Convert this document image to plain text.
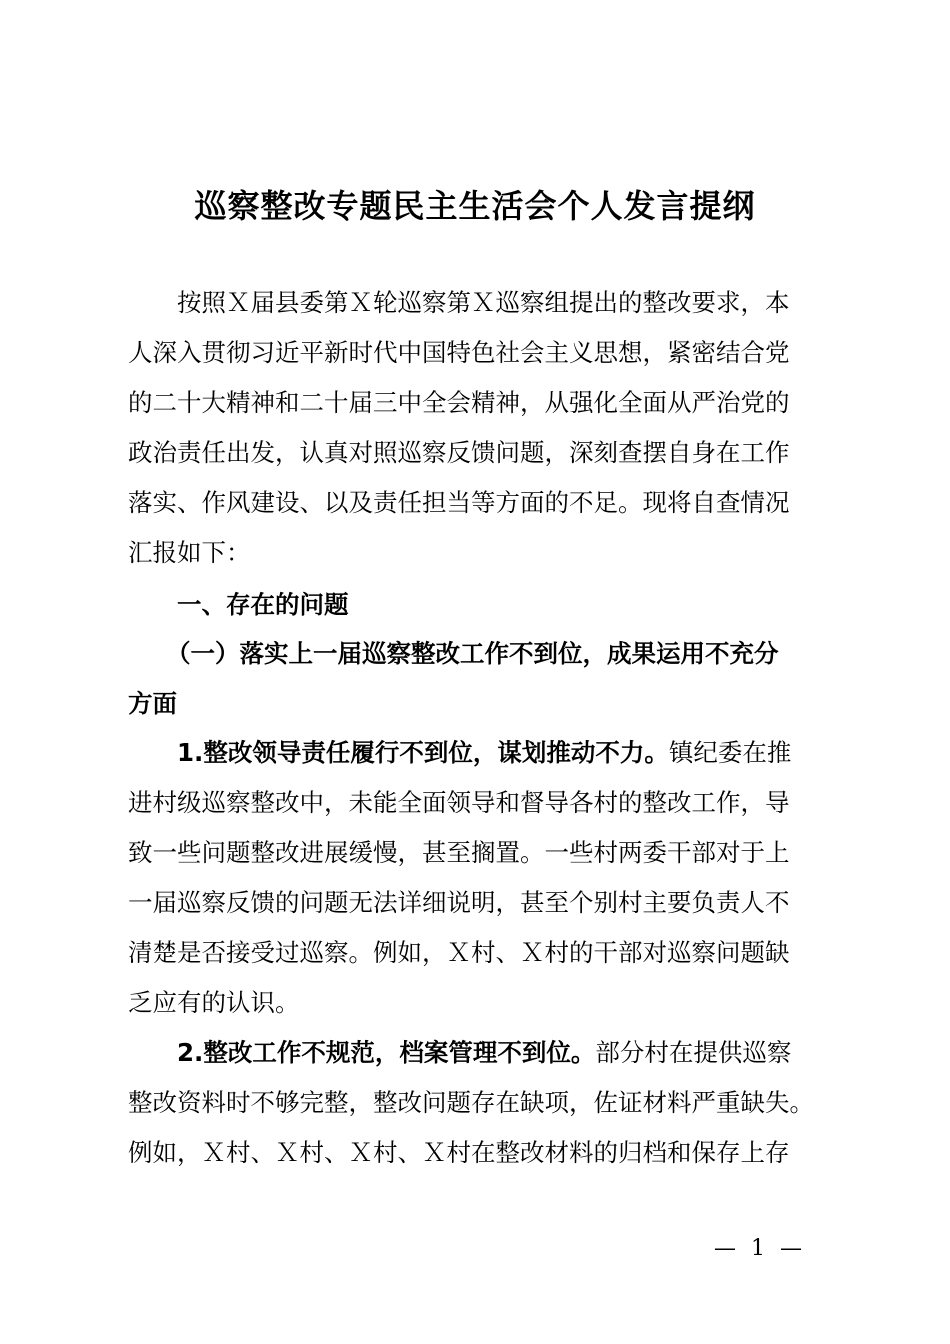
巡察整改专题民主生活会个人发言提纲
按照Ｘ届县委第Ｘ轮巡察第Ｘ巡察组提出的整改要求，本
人深入贯彻习近平新时代中国特色社会主义思想，紧密结合党
的二十大精神和二十届三中全会精神，从强化全面从严治党的
政治责任出发，认真对照巡察反馈问题，深刻查摆自身在工作
落实、作风建设、以及责任担当等方面的不足。现将自查情况
汇报如下：
一、存在的问题
（一）落实上一届巡察整改工作不到位，成果运用不充分
方面
1.整改领导责任履行不到位，谋划推动不力。镇纪委在推
进村级巡察整改中，未能全面领导和督导各村的整改工作，导
致一些问题整改进展缓慢，甚至搁置。一些村两委干部对于上
一届巡察反馈的问题无法详细说明，甚至个别村主要负责人不
清楚是否接受过巡察。例如，Ｘ村、Ｘ村的干部对巡察问题缺
乏应有的认识。
2.整改工作不规范，档案管理不到位。部分村在提供巡察
整改资料时不够完整，整改问题存在缺项，佐证材料严重缺失。
例如，Ｘ村、Ｘ村、Ｘ村、Ｘ村在整改材料的归档和保存上存
— 1 —
